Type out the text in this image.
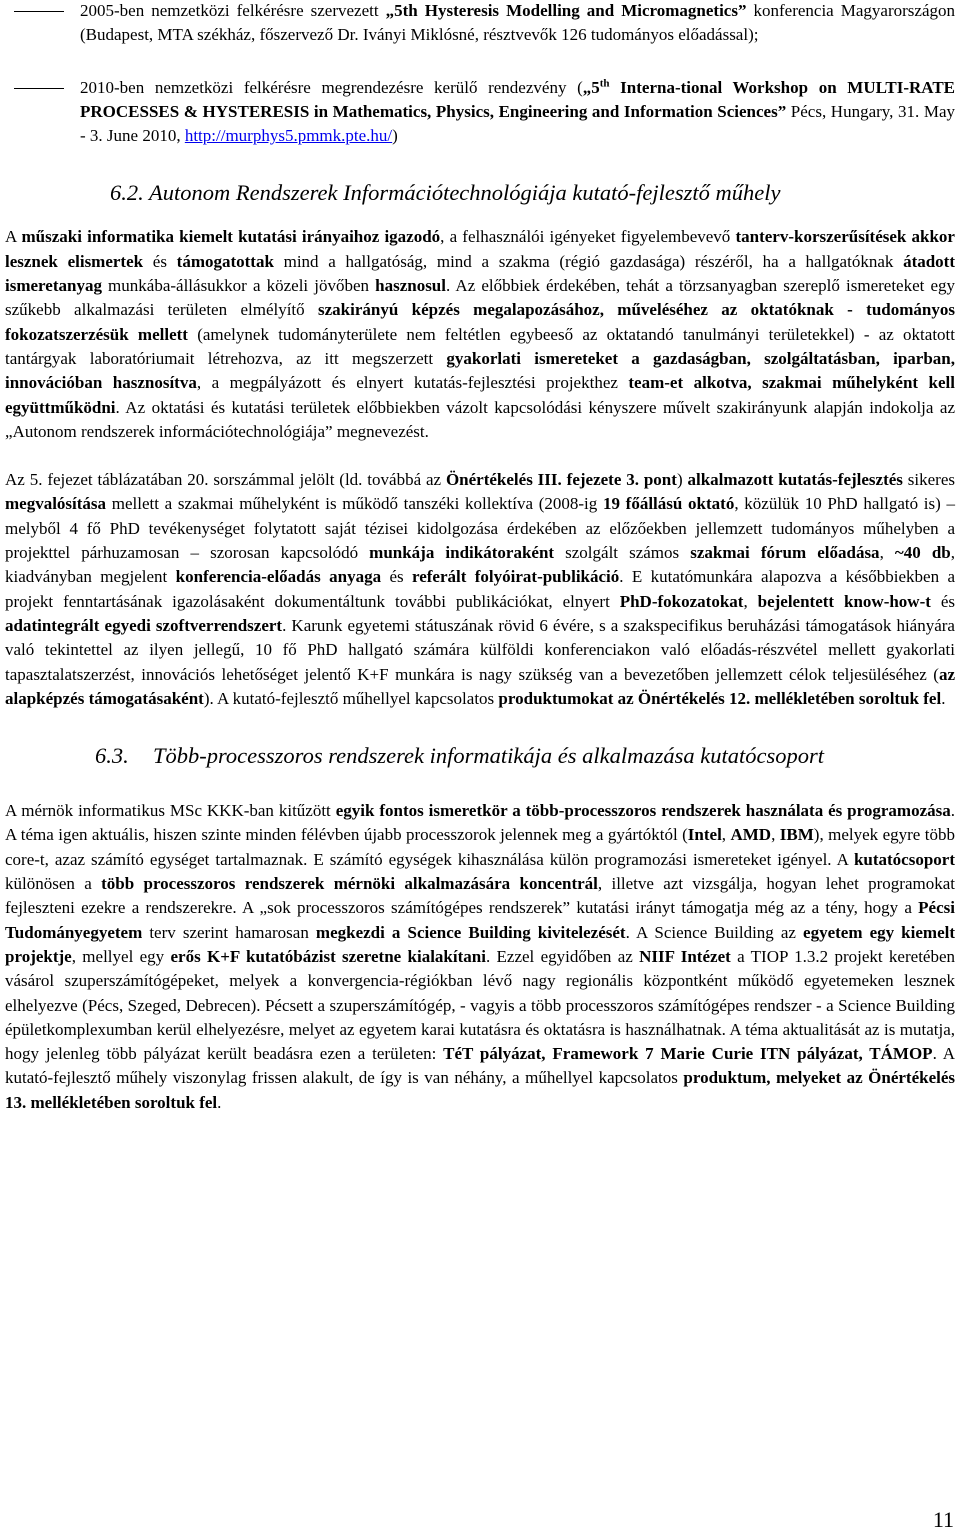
2005-ben nemzetközi felkérésre szervezett „5th Hysteresis Modelling and Micromagnetics” konferencia Magyarországon (Budapest, MTA székház, főszervező Dr. Iványi Miklósné, résztvevők 126 tudományos előadással);
2010-ben nemzetközi felkérésre megrendezésre kerülő rendezvény („5th Interna-tional Workshop on MULTI-RATE PROCESSES & HYSTERESIS in Mathematics, Physics, Engineering and Information Sciences” Pécs, Hungary, 31. May - 3. June 2010, http://murphys5.pmmk.pte.hu/)
6.2. Autonom Rendszerek Információtechnológiája kutató-fejlesztő műhely

A műszaki informatika kiemelt kutatási irányaihoz igazodó, a felhasználói igényeket figyelembevevő tanterv-korszerűsítések akkor lesznek elismertek és támogatottak mind a hallgatóság, mind a szakma (régió gazdasága) részéről, ha a hallgatóknak átadott ismeretanyag munkába-állásukkor a közeli jövőben hasznosul. Az előbbiek érdekében, tehát a törzsanyagban szereplő ismereteket egy szűkebb alkalmazási területen elmélyítő szakirányú képzés megalapozásához, műveléséhez az oktatóknak - tudományos fokozatszerzésük mellett (amelynek tudományterülete nem feltétlen egybeeső az oktatandó tanulmányi területekkel) - az oktatott tantárgyak laboratóriumait létrehozva, az itt megszerzett gyakorlati ismereteket a gazdaságban, szolgáltatásban, iparban, innovációban hasznosítva, a megpályázott és elnyert kutatás-fejlesztési projekthez team-et alkotva, szakmai műhelyként kell együttműködni. Az oktatási és kutatási területek előbbiekben vázolt kapcsolódási kényszere művelt szakirányunk alapján indokolja az „Autonom rendszerek információtechnológiája” megnevezést.

Az 5. fejezet táblázatában 20. sorszámmal jelölt (ld. továbbá az Önértékelés III. fejezete 3. pont) alkalmazott kutatás-fejlesztés sikeres megvalósítása mellett a szakmai műhelyként is működő tanszéki kollektíva (2008-ig 19 főállású oktató, közülük 10 PhD hallgató is) – melyből 4 fő PhD tevékenységet folytatott saját tézisei kidolgozása érdekében az előzőekben jellemzett tudományos műhelyben a projekttel párhuzamosan – szorosan kapcsolódó munkája indikátoraként szolgált számos szakmai fórum előadása, ~40 db, kiadványban megjelent konferencia-előadás anyaga és referált folyóirat-publikáció. E kutatómunkára alapozva a későbbiekben a projekt fenntartásának igazolásaként dokumentáltunk további publikációkat, elnyert PhD-fokozatokat, bejelentett know-how-t és adatintegrált egyedi szoftverrendszert. Karunk egyetemi státuszának rövid 6 évére, s a szakspecifikus beruházási támogatások hiányára való tekintettel az ilyen jellegű, 10 fő PhD hallgató számára külföldi konferenciakon való előadás-részvétel mellett gyakorlati tapasztalatszerzést, innovációs lehetőséget jelentő K+F munkára is nagy szükség van a bevezetőben jellemzett célok teljesüléséhez (az alapképzés támogatásaként). A kutató-fejlesztő műhellyel kapcsolatos produktumokat az Önértékelés 12. mellékletében soroltuk fel.

6.3. Több-processzoros rendszerek informatikája és alkalmazása kutatócsoport

A mérnök informatikus MSc KKK-ban kitűzött egyik fontos ismeretkör a több-processzoros rendszerek használata és programozása. A téma igen aktuális, hiszen szinte minden félévben újabb processzorok jelennek meg a gyártóktól (Intel, AMD, IBM), melyek egyre több core-t, azaz számító egységet tartalmaznak. E számító egységek kihasználása külön programozási ismereteket igényel. A kutatócsoport különösen a több processzoros rendszerek mérnöki alkalmazására koncentrál, illetve azt vizsgálja, hogyan lehet programokat fejleszteni ezekre a rendszerekre. A „sok processzoros számítógépes rendszerek” kutatási irányt támogatja még az a tény, hogy a Pécsi Tudományegyetem terv szerint hamarosan megkezdi a Science Building kivitelezését. A Science Building az egyetem egy kiemelt projektje, mellyel egy erős K+F kutatóbázist szeretne kialakítani. Ezzel egyidőben az NIIF Intézet a TIOP 1.3.2 projekt keretében vásárol szuperszámítógépeket, melyek a konvergencia-régiókban lévő nagy regionális központként működő egyetemeken lesznek elhelyezve (Pécs, Szeged, Debrecen). Pécsett a szuperszámítógép, - vagyis a több processzoros számítógépes rendszer - a Science Building épületkomplexumban kerül elhelyezésre, melyet az egyetem karai kutatásra és oktatásra is használhatnak. A téma aktualitását az is mutatja, hogy jelenleg több pályázat került beadásra ezen a területen: TéT pályázat, Framework 7 Marie Curie ITN pályázat, TÁMOP. A kutató-fejlesztő műhely viszonylag frissen alakult, de így is van néhány, a műhellyel kapcsolatos produktum, melyeket az Önértékelés 13. mellékletében soroltuk fel.

11
